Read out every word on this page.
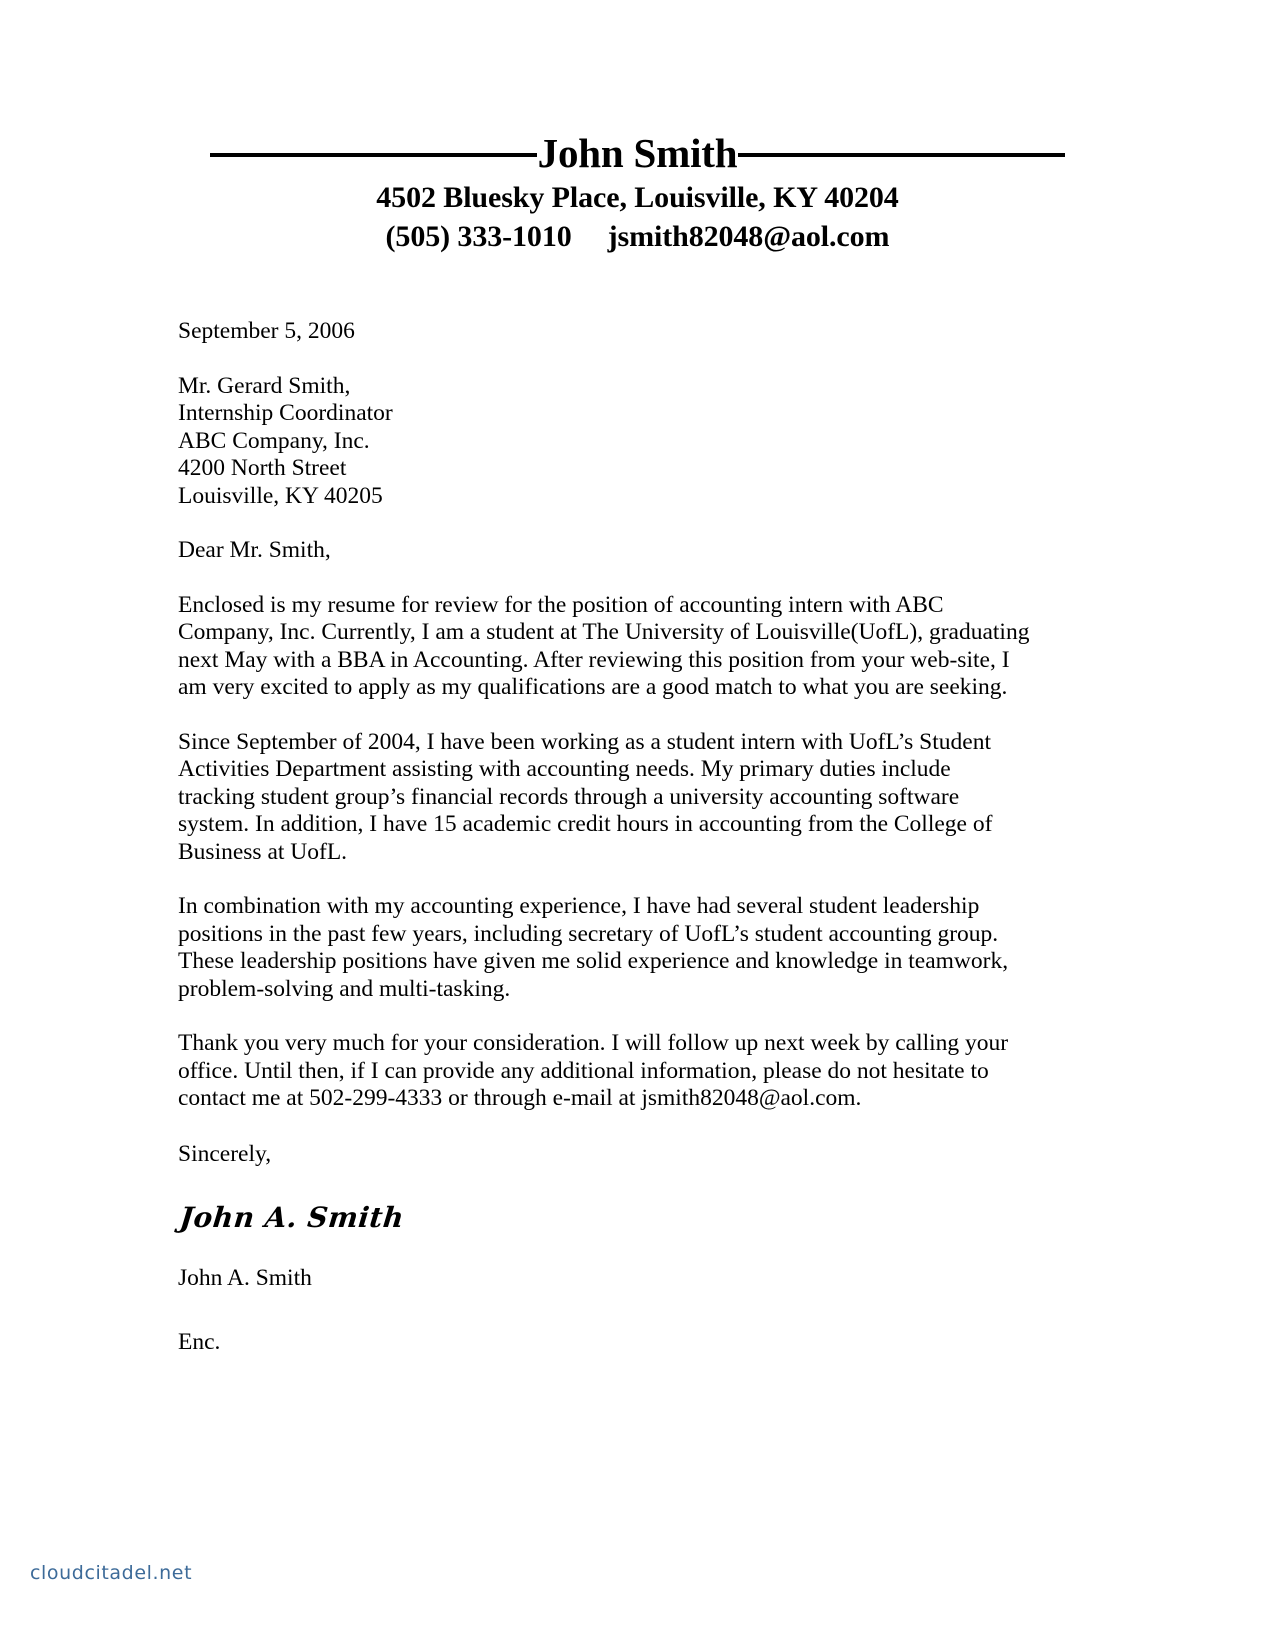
John Smith
4502 Bluesky Place, Louisville, KY 40204
(505) 333-1010 jsmith82048@aol.com
September 5, 2006
Mr. Gerard Smith,
Internship Coordinator
ABC Company, Inc.
4200 North Street
Louisville, KY 40205
Dear Mr. Smith,

Enclosed is my resume for review for the position of accounting intern with ABC Company, Inc. Currently, I am a student at The University of Louisville(UofL), graduating next May with a BBA in Accounting. After reviewing this position from your web-site, I am very excited to apply as my qualifications are a good match to what you are seeking.

Since September of 2004, I have been working as a student intern with UofL’s Student Activities Department assisting with accounting needs. My primary duties include tracking student group’s financial records through a university accounting software system. In addition, I have 15 academic credit hours in accounting from the College of Business at UofL.

In combination with my accounting experience, I have had several student leadership positions in the past few years, including secretary of UofL’s student accounting group. These leadership positions have given me solid experience and knowledge in teamwork, problem-solving and multi-tasking.

Thank you very much for your consideration. I will follow up next week by calling your office. Until then, if I can provide any additional information, please do not hesitate to contact me at 502-299-4333 or through e-mail at jsmith82048@aol.com.

Sincerely,
John A. Smith
John A. Smith
Enc.
cloudcitadel.net
